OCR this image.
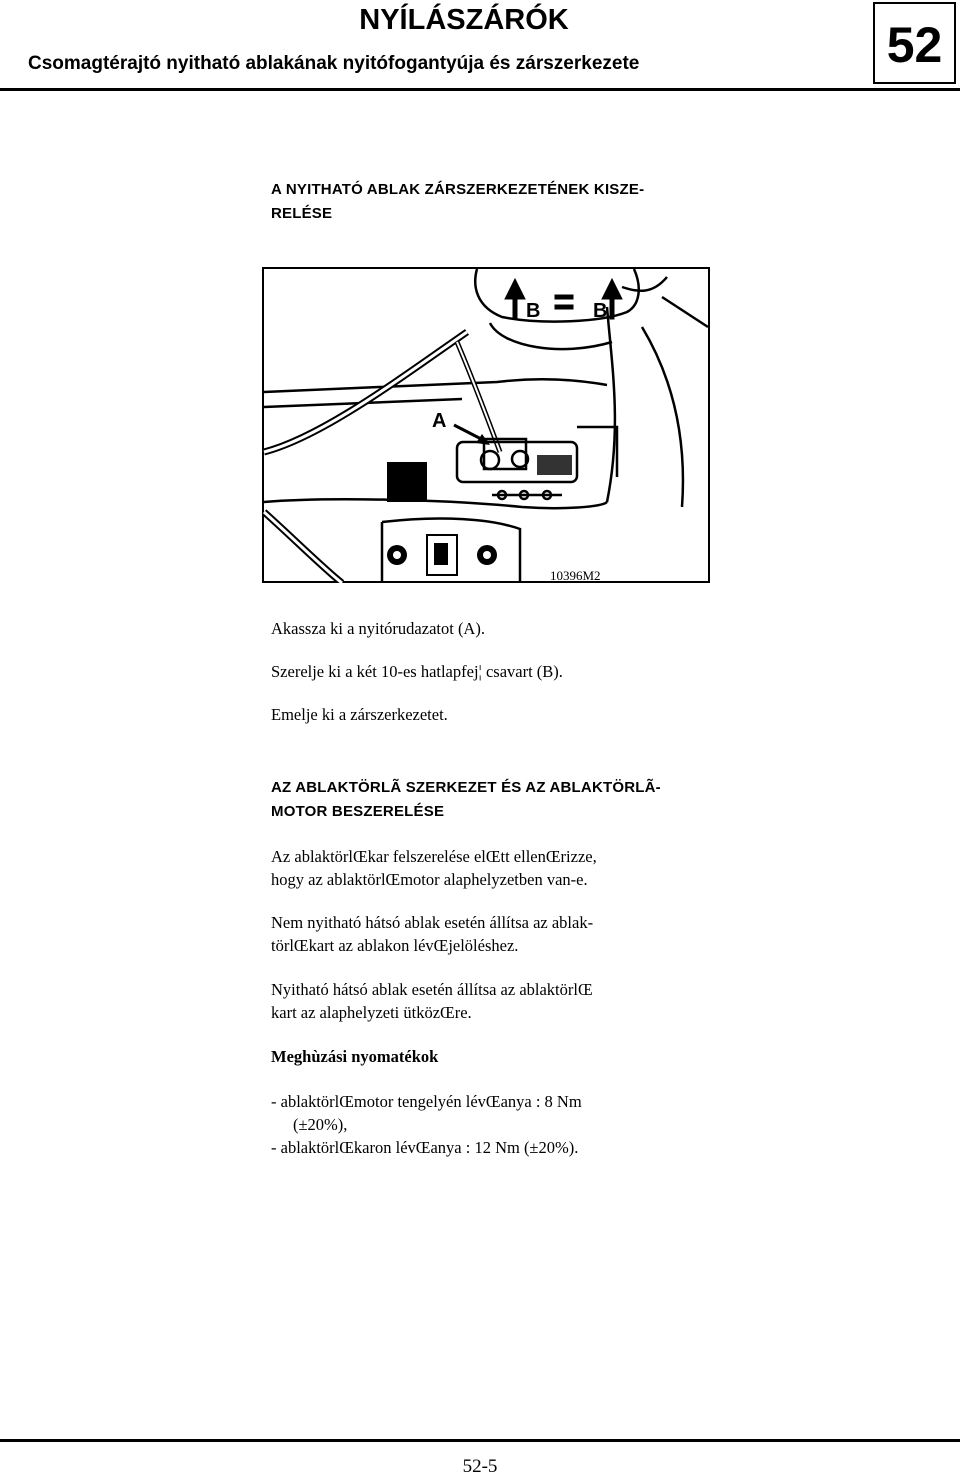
NYÍLÁSZÁRÓK
Csomagtérajtó nyitható ablakának nyitófogantyúja és zárszerkezete	52
A NYITHATÓ ABLAK ZÁRSZERKEZETÉNEK KISZE-
RELÉSE
B	B
A
10396M2
Akassza ki a nyitórudazatot (A).
Szerelje ki a két 10-es hatlapfej¦ csavart (B).
Emelje ki a zárszerkezetet.
AZ ABLAKTÖRLÃ SZERKEZET ÉS AZ ABLAKTÖRLÃ-
MOTOR BESZERELÉSE
Az ablaktörlŒkar felszerelése elŒtt ellenŒrizze,
hogy az ablaktörlŒmotor alaphelyzetben van-e.
Nem nyitható hátsó ablak esetén állítsa az ablak-
törlŒkart az ablakon lévŒjelöléshez.
Nyitható hátsó ablak esetén állítsa az ablaktörlŒ
kart az alaphelyzeti ütközŒre.
Meghùzási nyomatékok
- ablaktörlŒmotor tengelyén lévŒanya : 8 Nm
(±20%),
- ablaktörlŒkaron lévŒanya : 12 Nm (±20%).
52-5
